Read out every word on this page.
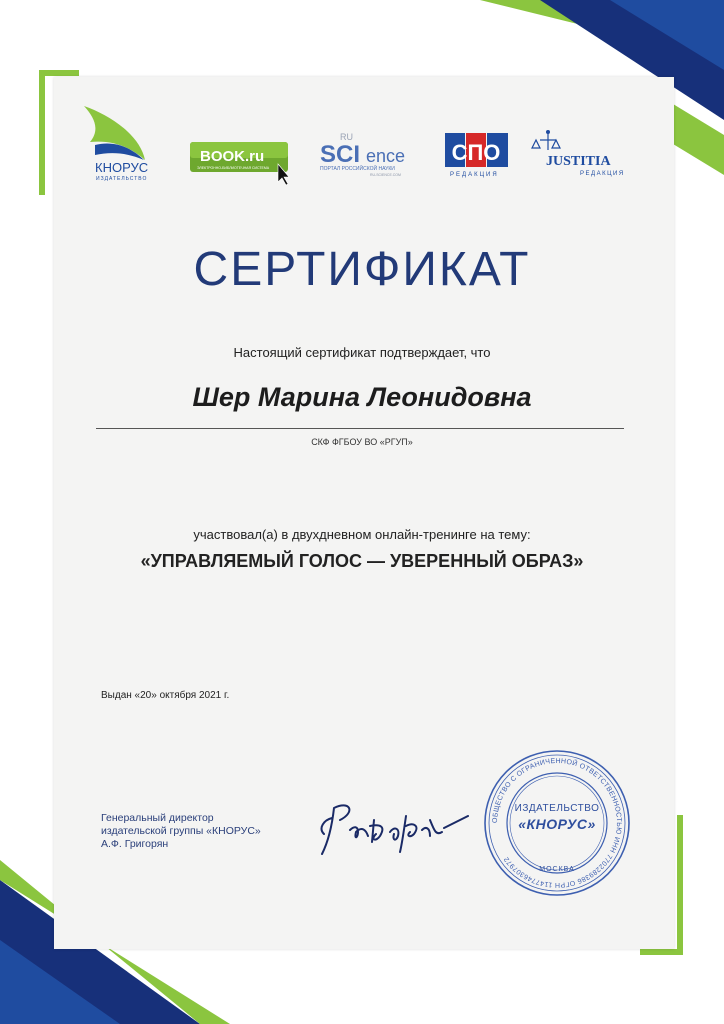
КНОРУС
ИЗДАТЕЛЬСТВО
BOOK.ru
ЭЛЕКТРОННО-БИБЛИОТЕЧНАЯ СИСТЕМА
RU
SCI ence
ПОРТАЛ РОССИЙСКОЙ НАУКИ
RU-SCIENCE.COM
СПО
РЕДАКЦИЯ
JUSTITIA
РЕДАКЦИЯ
СЕРТИФИКАТ
Настоящий сертификат подтверждает, что
Шер Марина Леонидовна
СКФ ФГБОУ ВО «РГУП»
участвовал(а) в двухдневном онлайн-тренинге на тему:
«УПРАВЛЯЕМЫЙ ГОЛОС — УВЕРЕННЫЙ ОБРАЗ»
Выдан «20» октября 2021 г.
Генеральный директор
издательской группы «КНОРУС»
А.Ф. Григорян
ОБЩЕСТВО С ОГРАНИЧЕННОЙ ОТВЕТСТВЕННОСТЬЮ ИНН 7702289386 ОГРН 1147746307972
ИЗДАТЕЛЬСТВО
«КНОРУС»
МОСКВА
